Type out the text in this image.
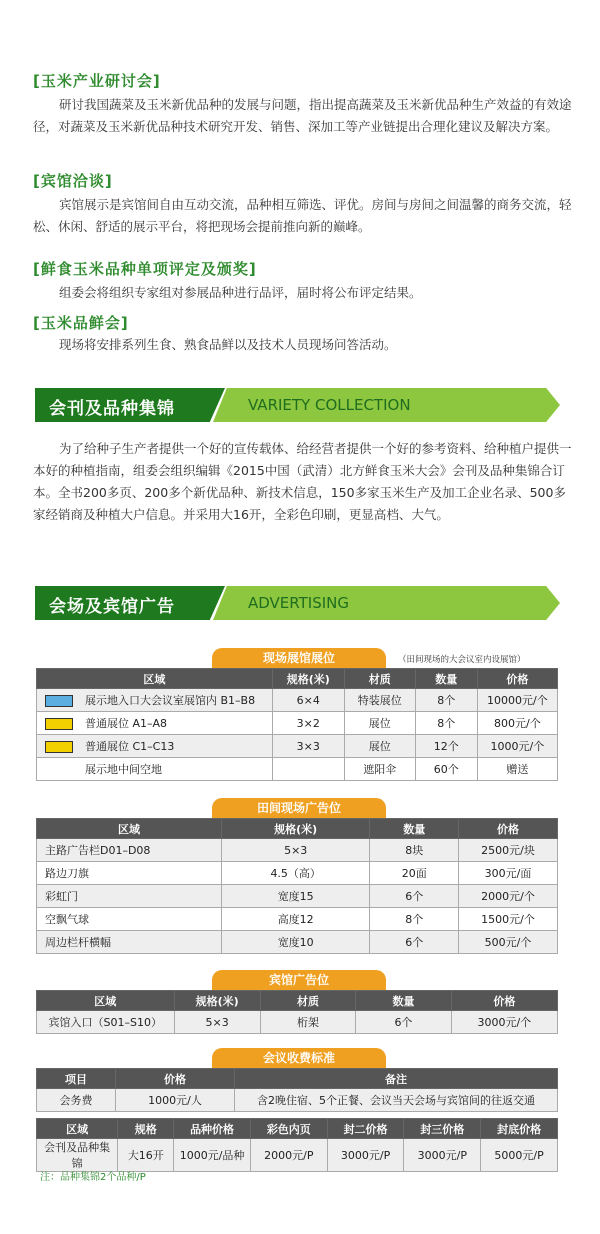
[玉米产业研讨会]
研讨我国蔬菜及玉米新优品种的发展与问题，指出提高蔬菜及玉米新优品种生产效益的有效途径，对蔬菜及玉米新优品种技术研究开发、销售、深加工等产业链提出合理化建议及解决方案。
[宾馆洽谈]
宾馆展示是宾馆间自由互动交流，品种相互筛选、评优。房间与房间之间温馨的商务交流，轻松、休闲、舒适的展示平台，将把现场会提前推向新的巅峰。
[鲜食玉米品种单项评定及颁奖]
组委会将组织专家组对参展品种进行品评，届时将公布评定结果。
[玉米品鲜会]
现场将安排系列生食、熟食品鲜以及技术人员现场问答活动。
会刊及品种集锦	VARIETY COLLECTION
为了给种子生产者提供一个好的宣传载体、给经营者提供一个好的参考资料、给种植户提供一本好的种植指南，组委会组织编辑《2015中国（武清）北方鲜食玉米大会》会刊及品种集锦合订本。全书200多页、200多个新优品种、新技术信息，150多家玉米生产及加工企业名录、500多家经销商及种植大户信息。并采用大16开，全彩色印刷，更显高档、大气。
会场及宾馆广告	ADVERTISING
现场展馆展位	（田间现场的大会议室内设展馆）
区域	规格(米)	材质	数量	价格
展示地入口大会议室展馆内 B1–B8	6×4	特装展位	8个	10000元/个
普通展位 A1–A8	3×2	展位	8个	800元/个
普通展位 C1–C13	3×3	展位	12个	1000元/个
展示地中间空地		遮阳伞	60个	赠送
田间现场广告位
区域	规格(米)	数量	价格
主路广告栏D01–D08	5×3	8块	2500元/块
路边刀旗	4.5（高）	20面	300元/面
彩虹门	宽度15	6个	2000元/个
空飘气球	高度12	8个	1500元/个
周边栏杆横幅	宽度10	6个	500元/个
宾馆广告位
区域	规格(米)	材质	数量	价格
宾馆入口（S01–S10）	5×3	桁架	6个	3000元/个
会议收费标准
项目	价格	备注
会务费	1000元/人	含2晚住宿、5个正餐、会议当天会场与宾馆间的往返交通
区域	规格	品种价格	彩色内页	封二价格	封三价格	封底价格
会刊及品种集锦	大16开	1000元/品种	2000元/P	3000元/P	3000元/P	5000元/P
注：品种集锦2个品种/P
